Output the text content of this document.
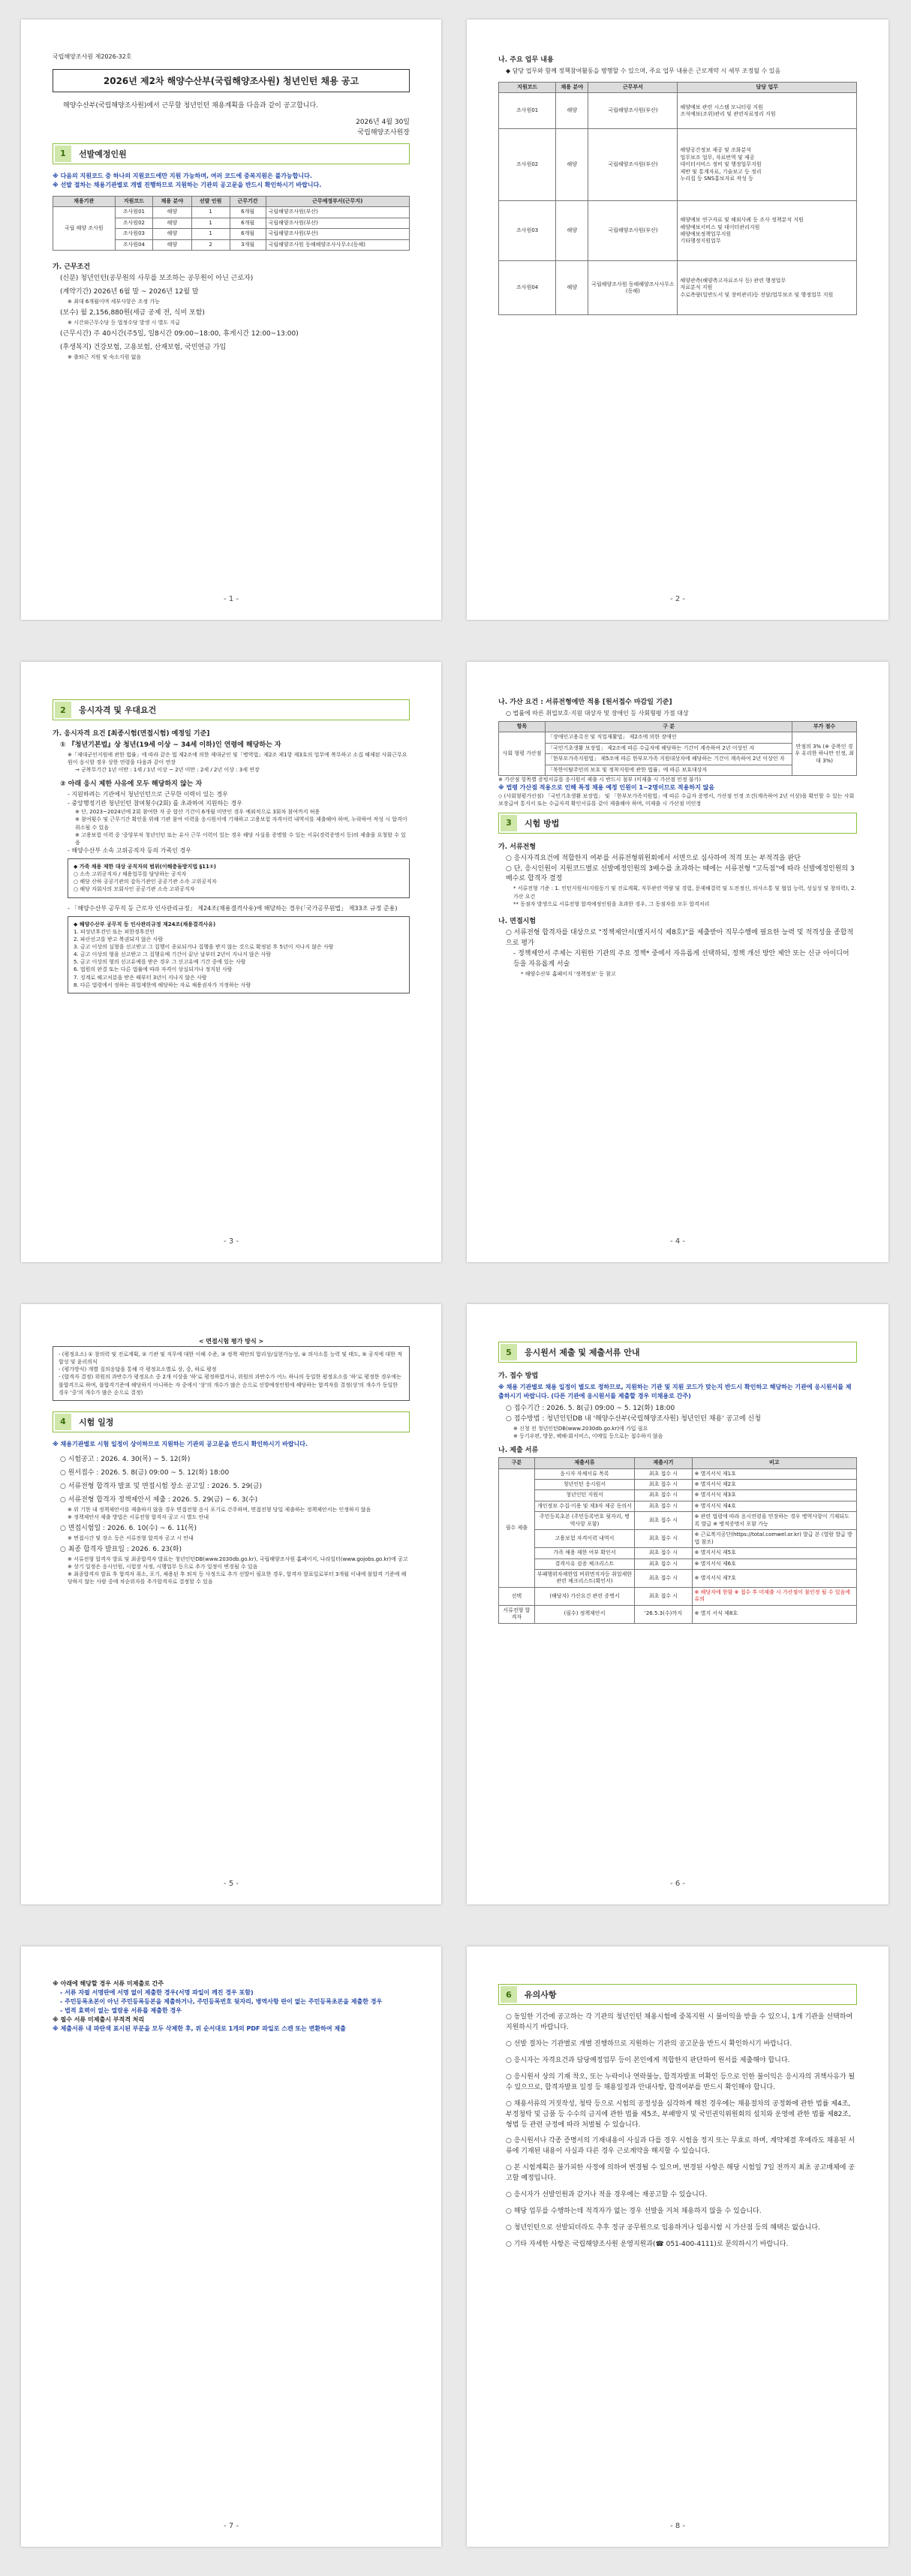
국립해양조사원 제2026-32호

2026년 제2차 해양수산부(국립해양조사원) 청년인턴 채용 공고

해양수산부(국립해양조사원)에서 근무할 청년인턴 채용계획을 다음과 같이 공고합니다.

2026년 4월 30일

국립해양조사원장

1	선발예정인원

※ 다음의 지원코드 중 하나의 지원코드에만 지원 가능하며, 여러 코드에 중복지원은 불가능합니다.

※ 선발 절차는 채용기관별로 개별 진행하므로 지원하는 기관의 공고문을 반드시 확인하시기 바랍니다.

채용기관	지원코드	채용 분야	선발 인원	근무기간	근무예정부서(근무지)
국립 해양 조사원	조사원01	해양	1	6개월	국립해양조사원(부산)
	조사원02	해양	1	6개월	국립해양조사원(부산)
	조사원03	해양	1	6개월	국립해양조사원(부산)
	조사원04	해양	2	3개월	국립해양조사원 동해해양조사사무소(동해)

가. 근무조건

(신분) 청년인턴(공무원의 사무를 보조하는 공무원이 아닌 근로자)

(계약기간) 2026년 6월 말 ~ 2026년 12월 말

※ 최대 6개월이며 세부사항은 조정 가능

(보수) 월 2,156,880원(세금 공제 전, 식비 포함)

※ 시간외근무수당 등 법정수당 발생 시 별도 지급

(근무시간) 주 40시간(주5일, 일8시간 09:00~18:00, 휴게시간 12:00~13:00)

(후생복지) 건강보험, 고용보험, 산재보험, 국민연금 가입

※ 출퇴근 지원 및 숙소지원 없음

- 1 -

나. 주요 업무 내용

◆ 담당 업무와 함께 정책참여활동을 병행할 수 있으며, 주요 업무 내용은 근로계약 시 세부 조정될 수 있음

지원코드	채용 분야	근무부서	담당 업무
조사원01	해양	국립해양조사원(부산)	해양예보 관련 시스템 모니터링 지원
조석예보(조위)관리 및 관련자료정리 지원

조사원02	해양	국립해양조사원(부산)	해양공간정보 제공 및 조화분석
업무보조 업무, 자료번역 및 제공
데이터서비스 정비 및 행정업무지원
제반 및 통계자료, 기술보고 등 정리
누리집 등 SNS홍보자료 작성 등

조사원03	해양	국립해양조사원(부산)	해양예보 연구자료 및 해외사례 등 조사 정책분석 지원
해양예보서비스 및 데이터관리지원
해양예보정책업무지원
기타행정지원업무

조사원04	해양	국립해양조사원 동해해양조사사무소(동해)	해양관측(해양측고자료조사 등) 관련 행정업무
자료분석 지원
수로측량(일반도서 및 장비관리)등 전담/업무보조 및 행정업무 지원
- 2 -
2	응시자격 및 우대요건

가. 응시자격 요건 [최종시험(면접시험) 예정일 기준]

① 『청년기본법』상 청년(19세 이상 ~ 34세 이하)인 연령에 해당하는 자

※「제대군인지원에 관한 법률」에 따라 같은 법 제2조에 의한 제대군인 및「병역법」제2조 제1항 제3호의 업무에 복무하고 소집 해제된 사회근무요원이 응시할 경우 상한 연령을 다음과 같이 연장

→ 군복무기간 1년 이만 : 1세 / 1년 이상 ~ 2년 미만 : 2세 / 2년 이상 : 3세 연장

② 아래 응시 제한 사유에 모두 해당하지 않는 자

- 지원하려는 기관에서 청년인턴으로 근무한 이력이 있는 경우

- 중앙행정기관 청년인턴 참여횟수(2회) 를 초과하여 지원하는 경우

※ 단, 2023~2024년에 2회 참여한 자 중 합산 기간이 6개월 미만인 경우 예외적으로 3회차 참여까지 허용

※ 참여횟수 및 근무기간 확인을 위해 기관 참여 이력을 응시원서에 기재하고 고용보험 자격이력 내역서를 제출해야 하며, 누락하여 작성 시 합격이 취소될 수 있음

※ 고용보험 이력 중 '중앙부처 청년인턴 또는 유사 근무 이력이 있는 경우 해당 사실을 증명할 수 있는 서류(경력증명서 등)의 제출을 요청할 수 있음

- 해양수산부 소속 고위공직자 등의 가족인 경우

◆ 가족 채용 제한 대상 공직자의 범위(이해충돌방지법 §11①)

○ 소속 고위공직자 / 채용업무를 담당하는 공직자

○ 해당 산하 공공기관의 감독기관인 공공기관 소속 고위공직자

○ 해당 자회사의 모회사인 공공기관 소속 고위공직자

- 「해양수산부 공무직 등 근로자 인사관리규정」 제24조(채용결격사유)에 해당하는 경우(「국가공무원법」 제33조 규정 준용)

◆ 해양수산부 공무직 등 인사관리규정 제24조(채용결격사유)

1. 피성년후견인 또는 피한정후견인

2. 파산선고를 받고 복권되지 않은 사람

3. 금고 이상의 실형을 선고받고 그 집행이 종료되거나 집행을 받지 않는 것으로 확정된 후 5년이 지나지 않은 사람

4. 금고 이상의 형을 선고받고 그 집행유예 기간이 끝난 날부터 2년이 지나지 않은 사람

5. 금고 이상의 형의 선고유예를 받은 경우 그 선고유예 기간 중에 있는 사람

6. 법원의 판결 또는 다른 법률에 따라 자격이 상실되거나 정지된 사람

7. 징계로 해고처분을 받은 때부터 3년이 지나지 않은 사람

8. 다른 법령에서 정하는 취업제한에 해당하는 자로 채용권자가 지정하는 사람

- 3 -

나. 가산 요건 : 서류전형에만 적용 [원서접수 마감일 기준]

○ 법률에 따른 취업보호·지원 대상자 및 장애인 등 사회형평 가점 대상

항목	구 분	부가 점수
사회 형평 가산점	「장애인고용촉진 및 직업재활법」 제2조에 의한 장애인	만점의 3% (※ 중복인 경우 유리한 하나만 인정, 최대 3%)
	「국민기초생활 보장법」 제2조에 따른 수급자에 해당하는 기간이 계속하여 2년 이상인 자	
	「한부모가족지원법」 제5조에 따른 한부모가족 지원대상자에 해당하는 기간이 계속하여 2년 이상인 자	
	「북한이탈주민의 보호 및 정착지원에 관한 법률」에 따른 보호대상자	

※ 가산점 항목별 증빙서류를 응시원서 제출 시 반드시 첨부 (미제출 시 가산점 인정 불가)

※ 법령 가산점 적용으로 인해 특정 채용 예정 인원이 1~2명이므로 적용하지 않음

◇ (사회형평가산점) 「국민기초생활 보장법」 및 「한부모가족지원법」에 따른 수급자 증명서, 가산점 인정 조건(계속하여 2년 이상)을 확인할 수 있는 사회보장급여 통지서 또는 수급자격 확인서류를 같이 제출해야 하며, 미제출 시 가산점 미인정

3	시험 방법

가. 서류전형

○ 응시자격요건에 적합한지 여부를 서류전형위원회에서 서면으로 심사하여 적격 또는 부적격을 판단

○ 단, 응시인원이 지원코드별로 선발예정인원의 3배수를 초과하는 때에는 서류전형 "고득점"에 따라 선발예정인원의 3배수로 합격자 결정

* 서류전형 기준 : 1. 인턴지원서(지원동기 및 진로계획, 직무관련 역량 및 경험, 문제해결력 및 도전정신, 의사소통 및 협업 능력, 성실성 및 창의력), 2. 가산 요건

** 동점자 발생으로 서류전형 합격예정인원을 초과한 경우, 그 동점자를 모두 합격처리

나. 면접시험

○ 서류전형 합격자를 대상으로 "정책제안서(별지서식 제8호)"를 제출받아 직무수행에 필요한 능력 및 적격성을 종합적으로 평가

- 정책제안서 주제는 지원한 기관의 주요 정책* 중에서 자유롭게 선택하되, 정책 개선 방안 제안 또는 신규 아이디어 등을 자유롭게 서술

* 해양수산부 홈페이지 '정책정보' 등 참고

- 4 -

< 면접시험 평가 방식 >

- (평정요소) ① 창의력 및 진로계획, ② 기관 및 직무에 대한 이해 수준, ③ 정책 제안의 합리성/실현가능성, ④ 의사소통 능력 및 태도, ⑤ 공직에 대한 적합성 및 윤리의식

- (평가방식) 개별 질의응답을 통해 각 평정요소별로 상, 중, 하로 평정

- (합격자 결정) 위원의 과반수가 평정요소 중 2개 이상을 '하'로 평정하였거나, 위원의 과반수가 어느 하나의 동일한 평정요소를 '하'로 평정한 경우에는 불합격으로 하며, 불합격기준에 해당하지 아니하는 자 중에서 '상'의 개수가 많은 순으로 선발예정인원에 해당하는 합격자를 결정(상'의 개수가 동일한 경우 '중'의 개수가 많은 순으로 결정)

4	시험 일정

※ 채용기관별로 시험 일정이 상이하므로 지원하는 기관의 공고문을 반드시 확인하시기 바랍니다.

○ 시험공고 : 2026. 4. 30(목) ~ 5. 12(화)

○ 원서접수 : 2026. 5. 8(금) 09:00 ~ 5. 12(화) 18:00

○ 서류전형 합격자 발표 및 면접시험 장소 공고일 : 2026. 5. 29(금)

○ 서류전형 합격자 정책제안서 제출 : 2026. 5. 29(금) ~ 6. 3(수)

※ 위 기한 내 정책제안서를 제출하지 않을 경우 면접전형 응시 포기로 간주하며, 면접전형 당일 제출하는 정책제안서는 인정하지 않음

※ 정책제안서 제출 방법은 서류전형 합격자 공고 시 별도 안내

○ 면접시험일 : 2026. 6. 10(수) ~ 6. 11(목)

※ 면접시간 및 장소 등은 서류전형 합격자 공고 시 안내

○ 최종 합격자 발표일 : 2026. 6. 23(화)

※ 서류전형 합격자 발표 및 최종합격자 발표는 청년인턴DB(www.2030db.go.kr), 국립해양조사원 홈페이지, 나라일터(www.gojobs.go.kr)에 공고

※ 상기 일정은 응시인원, 시험장 사정, 시행업무 등으로 추가 일정이 변경될 수 있음

※ 최종합격자 발표 후 합격자 취소, 포기, 채용된 후 퇴직 등 사정으로 추가 선발이 필요한 경우, 합격자 발표일로부터 3개월 이내에 불합격 기준에 해당하지 않는 사람 중에 차순위자를 추가합격자로 결정할 수 있음

- 5 -
5	응시원서 제출 및 제출서류 안내

가. 접수 방법

※ 채용 기관별로 채용 일정이 별도로 정하므로, 지원하는 기관 및 지원 코드가 맞는지 반드시 확인하고 해당하는 기관에 응시원서를 제출하시기 바랍니다. (다른 기관에 응시원서를 제출할 경우 미채용로 간주)

○ 접수기간 : 2026. 5. 8(금) 09:00 ~ 5. 12(화) 18:00

○ 접수방법 : 청년인턴DB 내 '해양수산부(국립해양조사원) 청년인턴 채용' 공고에 신청

※ 신청 전 청년인턴DB(www.2030db.go.kr)에 가입 필요

※ 등기우편, 방문, 팩해·회서비스, 이메일 등으로는 접수하지 않음

나. 제출 서류

구분	제출서류	제출시기	비고
필수 제출	응시자 자체서류 목록	최초 접수 시	※ 별지서식 제1호
	청년인턴 응시원서	최초 접수 시	※ 별지서식 제2호
	청년인턴 지원서	최초 접수 시	※ 별지서식 제3호
	개인정보 수집·이용 및 제3자 제공 동의서	최초 접수 시	※ 별지서식 제4호
	주민등록초본 (주민등록번호 뒷자리, 병역사항 포함)	최초 접수 시	※ 관련 법령에 따라 응시연령을 연장하는 경우 병역사항이 기재되도록 발급 ※ 병적증명서 포함 가능
	고용보험 자격이력 내역서	최초 접수 시	※ 근로복지공단(https://total.comwel.or.kr) 발급 본 (열람 발급 방법 참조)
	가족 채용 제한 여부 확인서	최초 접수 시	※ 별지서식 제5호
	결격사유 검증 체크리스트	최초 접수 시	※ 별지서식 제6호
	부패행위자제한업 비위면직자등 취업제한 관련 체크리스트(확인서)	최초 접수 시	※ 별지서식 제7호
선택	(해당자) 가산요건 관련 증명서	최초 접수 시	※ 해당자에 한함 ※ 접수 후 미제출 시 가산점이 불인정 될 수 있음에 유의
서류전형 합격자	(필수) 정책제안서	'26.5.3(수)까지	※ 별지 서식 제8호
- 6 -

※ 아래에 해당할 경우 서류 미제출로 간주

- 서류 자필 서명란에 서명 없이 제출한 경우(서명 파일이 깨진 경우 포함)

- 주민등록초본이 아닌 주민등록등본을 제출하거나, 주민등록번호 뒷자리, 병역사항 란이 없는 주민등록초본을 제출한 경우

- 법적 효력이 없는 열람용 서류를 제출한 경우

※ 필수 서류 미제출시 부적격 처리

※ 제출서류 내 파란색 표시된 부분을 모두 삭제한 후, 위 순서대로 1개의 PDF 파일로 스캔 또는 변환하여 제출

- 7 -
6	유의사항

○ 동일한 기간에 공고하는 각 기관의 청년인턴 채용시험에 중복지원 시 불이익을 받을 수 있으니, 1개 기관을 선택하여 지원하시기 바랍니다.

○ 선발 절차는 기관별로 개별 진행하므로 지원하는 기관의 공고문을 반드시 확인하시기 바랍니다.

○ 응시자는 자격요건과 담당예정업무 등이 본인에게 적합한지 판단하여 원서를 제출해야 합니다.

○ 응시원서 상의 기재 착오, 또는 누락이나 연락불능, 합격자발표 미확인 등으로 인한 불이익은 응시자의 귀책사유가 될 수 있으므로, 합격자발표 일정 등 채용일정과 안내사항, 합격여부를 반드시 확인해야 합니다.

○ 채용서류의 거짓작성, 청탁 등으로 시험의 공정성을 심각하게 해친 경우에는 채용절차의 공정화에 관한 법률 제4조, 부정청탁 및 금품 등 수수의 금지에 관한 법률 제5조, 부패방지 및 국민권익위원회의 설치와 운영에 관한 법률 제82조, 형법 등 관련 규정에 따라 처벌될 수 있습니다.

○ 응시원서나 각종 증명서의 기재내용이 사실과 다를 경우 시험을 정지 또는 무효로 하며, 계약체결 후에라도 채용된 서류에 기재된 내용이 사실과 다른 경우 근로계약을 해지할 수 있습니다.

○ 본 시험계획은 불가피한 사정에 의하여 변경될 수 있으며, 변경된 사항은 해당 시험일 7일 전까지 최초 공고매체에 공고할 예정입니다.

○ 응시자가 선발인원과 같거나 적을 경우에는 재공고할 수 있습니다.

○ 해당 업무를 수행하는데 적격자가 없는 경우 선발을 거쳐 채용하지 않을 수 있습니다.

○ 청년인턴으로 선발되더라도 추후 정규 공무원으로 임용하거나 임용시험 시 가산점 등의 혜택은 없습니다.

○ 기타 자세한 사항은 국립해양조사원 운영지원과(☎ 051-400-4111)로 문의하시기 바랍니다.

- 8 -
